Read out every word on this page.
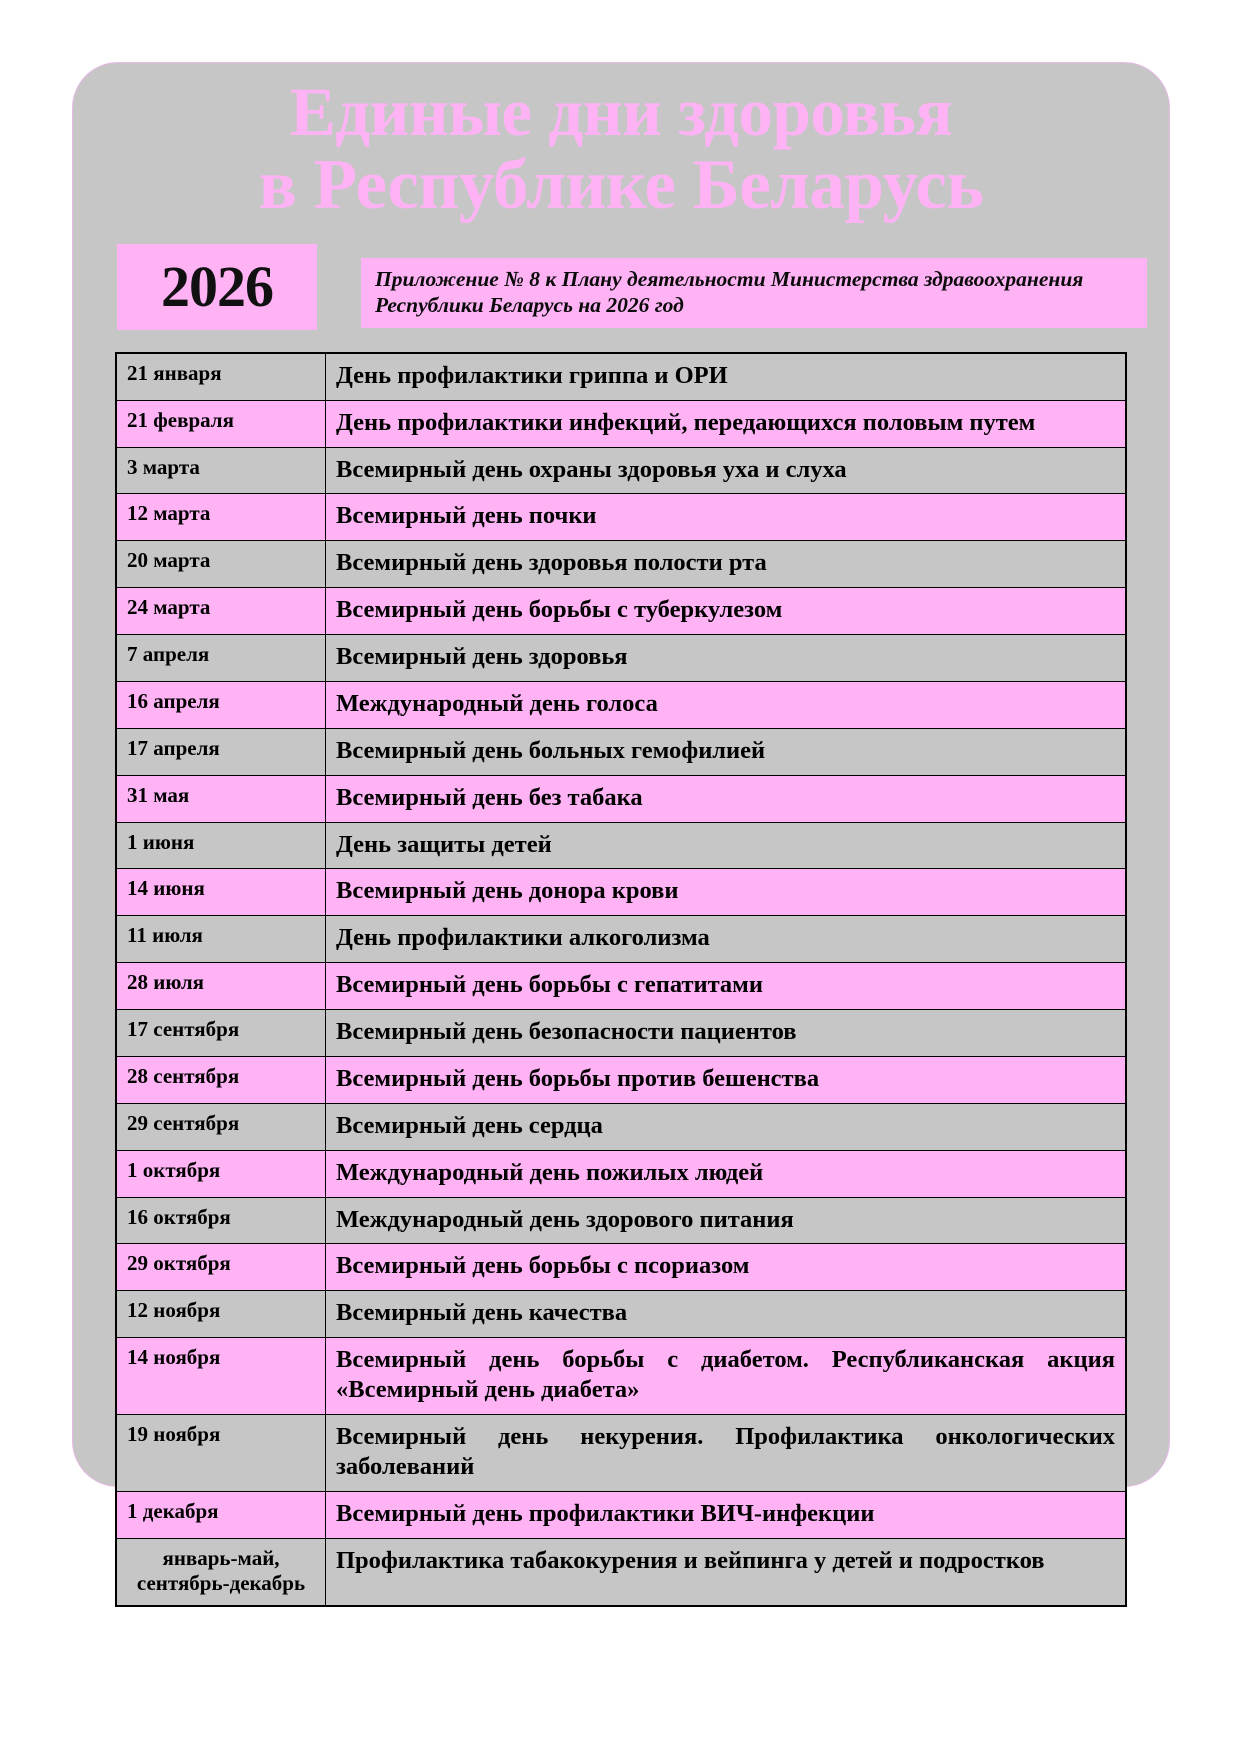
Единые дни здоровья
в Республике Беларусь
2026	Приложение № 8 к Плану деятельности Министерства здравоохранения Республики Беларусь на 2026 год
21 января	День профилактики гриппа и ОРИ
21 февраля	День профилактики инфекций, передающихся половым путем
3 марта	Всемирный день охраны здоровья уха и слуха
12 марта	Всемирный день почки
20 марта	Всемирный день здоровья полости рта
24 марта	Всемирный день борьбы с туберкулезом
7 апреля	Всемирный день здоровья
16 апреля	Международный день голоса
17 апреля	Всемирный день больных гемофилией
31 мая	Всемирный день без табака
1 июня	День защиты детей
14 июня	Всемирный день донора крови
11 июля	День профилактики алкоголизма
28 июля	Всемирный день борьбы с гепатитами
17 сентября	Всемирный день безопасности пациентов
28 сентября	Всемирный день борьбы против бешенства
29 сентября	Всемирный день сердца
1 октября	Международный день пожилых людей
16 октября	Международный день здорового питания
29 октября	Всемирный день борьбы с псориазом
12 ноября	Всемирный день качества
14 ноября	Всемирный день борьбы с диабетом. Республиканская акция «Всемирный день диабета»
19 ноября	Всемирный день некурения. Профилактика онкологических заболеваний
1 декабря	Всемирный день профилактики ВИЧ-инфекции
январь-май, сентябрь-декабрь	Профилактика табакокурения и вейпинга у детей и подростков
